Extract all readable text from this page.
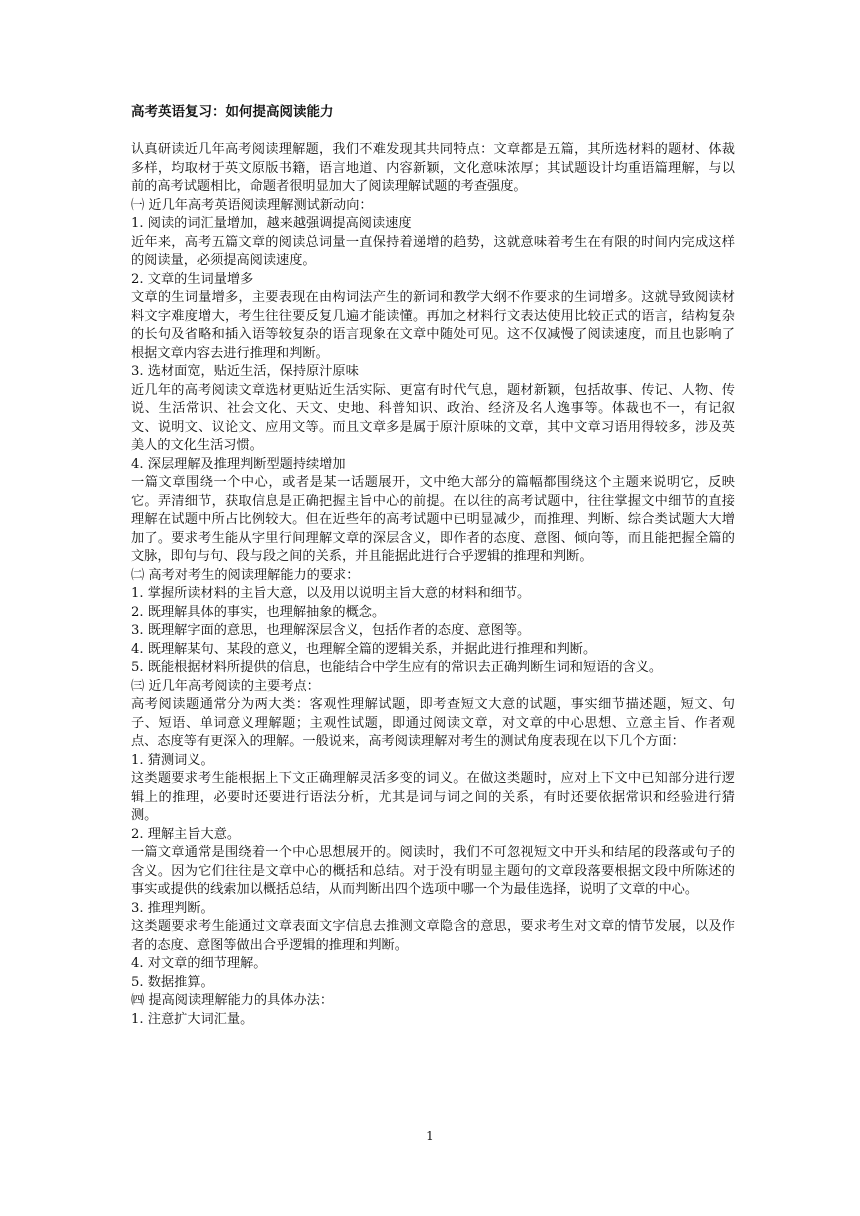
高考英语复习：如何提高阅读能力

认真研读近几年高考阅读理解题，我们不难发现其共同特点：文章都是五篇，其所选材料的题材、体裁多样，均取材于英文原版书籍，语言地道、内容新颖，文化意味浓厚；其试题设计均重语篇理解，与以前的高考试题相比，命题者很明显加大了阅读理解试题的考查强度。

㈠ 近几年高考英语阅读理解测试新动向：

1. 阅读的词汇量增加，越来越强调提高阅读速度

近年来，高考五篇文章的阅读总词量一直保持着递增的趋势，这就意味着考生在有限的时间内完成这样的阅读量，必须提高阅读速度。

2. 文章的生词量增多

文章的生词量增多，主要表现在由构词法产生的新词和教学大纲不作要求的生词增多。这就导致阅读材料文字难度增大，考生往往要反复几遍才能读懂。再加之材料行文表达使用比较正式的语言，结构复杂的长句及省略和插入语等较复杂的语言现象在文章中随处可见。这不仅减慢了阅读速度，而且也影响了根据文章内容去进行推理和判断。

3. 选材面宽，贴近生活，保持原汁原味

近几年的高考阅读文章选材更贴近生活实际、更富有时代气息，题材新颖，包括故事、传记、人物、传说、生活常识、社会文化、天文、史地、科普知识、政治、经济及名人逸事等。体裁也不一，有记叙文、说明文、议论文、应用文等。而且文章多是属于原汁原味的文章，其中文章习语用得较多，涉及英美人的文化生活习惯。

4. 深层理解及推理判断型题持续增加

一篇文章围绕一个中心，或者是某一话题展开，文中绝大部分的篇幅都围绕这个主题来说明它，反映它。弄清细节，获取信息是正确把握主旨中心的前提。在以往的高考试题中，往往掌握文中细节的直接理解在试题中所占比例较大。但在近些年的高考试题中已明显减少，而推理、判断、综合类试题大大增加了。要求考生能从字里行间理解文章的深层含义，即作者的态度、意图、倾向等，而且能把握全篇的文脉，即句与句、段与段之间的关系，并且能据此进行合乎逻辑的推理和判断。

㈡ 高考对考生的阅读理解能力的要求：

1. 掌握所读材料的主旨大意，以及用以说明主旨大意的材料和细节。

2. 既理解具体的事实，也理解抽象的概念。

3. 既理解字面的意思，也理解深层含义，包括作者的态度、意图等。

4. 既理解某句、某段的意义，也理解全篇的逻辑关系，并据此进行推理和判断。

5. 既能根据材料所提供的信息，也能结合中学生应有的常识去正确判断生词和短语的含义。

㈢ 近几年高考阅读的主要考点：

高考阅读题通常分为两大类：客观性理解试题，即考查短文大意的试题，事实细节描述题，短文、句子、短语、单词意义理解题；主观性试题，即通过阅读文章，对文章的中心思想、立意主旨、作者观点、态度等有更深入的理解。一般说来，高考阅读理解对考生的测试角度表现在以下几个方面：

1. 猜测词义。

这类题要求考生能根据上下文正确理解灵活多变的词义。在做这类题时，应对上下文中已知部分进行逻辑上的推理，必要时还要进行语法分析，尤其是词与词之间的关系，有时还要依据常识和经验进行猜测。

2. 理解主旨大意。

一篇文章通常是围绕着一个中心思想展开的。阅读时，我们不可忽视短文中开头和结尾的段落或句子的含义。因为它们往往是文章中心的概括和总结。对于没有明显主题句的文章段落要根据文段中所陈述的事实或提供的线索加以概括总结，从而判断出四个选项中哪一个为最佳选择，说明了文章的中心。

3. 推理判断。

这类题要求考生能通过文章表面文字信息去推测文章隐含的意思，要求考生对文章的情节发展，以及作者的态度、意图等做出合乎逻辑的推理和判断。

4. 对文章的细节理解。

5. 数据推算。

㈣ 提高阅读理解能力的具体办法：

1. 注意扩大词汇量。

1
